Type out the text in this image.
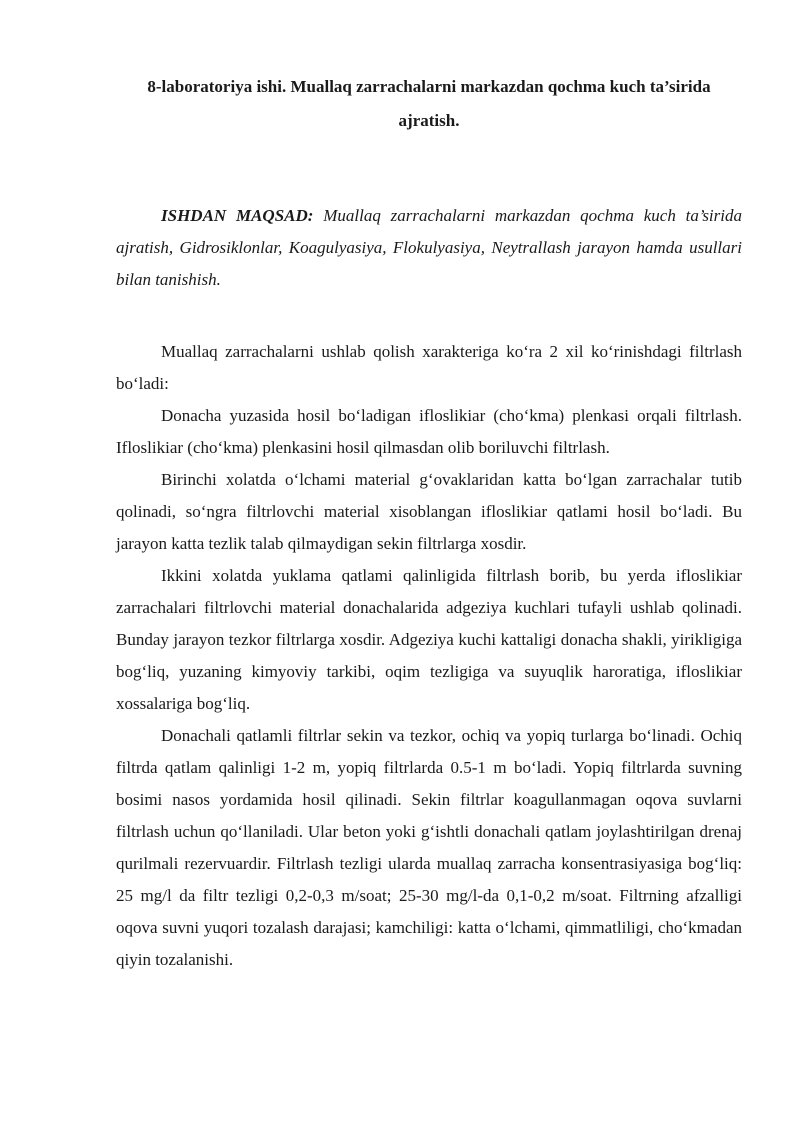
8-laboratoriya ishi. Muallaq zarrachalarni markazdan qochma kuch ta’sirida ajratish.

ISHDAN MAQSAD: Muallaq zarrachalarni markazdan qochma kuch ta’sirida ajratish, Gidrosiklonlar, Koagulyasiya, Flokulyasiya, Neytrallash jarayon hamda usullari bilan tanishish.

Muallaq zarrachalarni ushlab qolish xarakteriga ko‘ra 2 xil ko‘rinishdagi filtrlash bo‘ladi:

Donacha yuzasida hosil bo‘ladigan ifloslikiar (cho‘kma) plenkasi orqali filtrlash. Ifloslikiar (cho‘kma) plenkasini hosil qilmasdan olib boriluvchi filtrlash.

Birinchi xolatda o‘lchami material g‘ovaklaridan katta bo‘lgan zarrachalar tutib qolinadi, so‘ngra filtrlovchi material xisoblangan ifloslikiar qatlami hosil bo‘ladi. Bu jarayon katta tezlik talab qilmaydigan sekin filtrlarga xosdir.

Ikkini xolatda yuklama qatlami qalinligida filtrlash borib, bu yerda ifloslikiar zarrachalari filtrlovchi material donachalarida adgeziya kuchlari tufayli ushlab qolinadi. Bunday jarayon tezkor filtrlarga xosdir. Adgeziya kuchi kattaligi donacha shakli, yirikligiga bog‘liq, yuzaning kimyoviy tarkibi, oqim tezligiga va suyuqlik haroratiga, ifloslikiar xossalariga bog‘liq.

Donachali qatlamli filtrlar sekin va tezkor, ochiq va yopiq turlarga bo‘linadi. Ochiq filtrda qatlam qalinligi 1-2 m, yopiq filtrlarda 0.5-1 m bo‘ladi. Yopiq filtrlarda suvning bosimi nasos yordamida hosil qilinadi. Sekin filtrlar koagullanmagan oqova suvlarni filtrlash uchun qo‘llaniladi. Ular beton yoki g‘ishtli donachali qatlam joylashtirilgan drenaj qurilmali rezervuardir. Filtrlash tezligi ularda muallaq zarracha konsentrasiyasiga bog‘liq: 25 mg/l da filtr tezligi 0,2-0,3 m/soat; 25-30 mg/l-da 0,1-0,2 m/soat. Filtrning afzalligi oqova suvni yuqori tozalash darajasi; kamchiligi: katta o‘lchami, qimmatliligi, cho‘kmadan qiyin tozalanishi.
